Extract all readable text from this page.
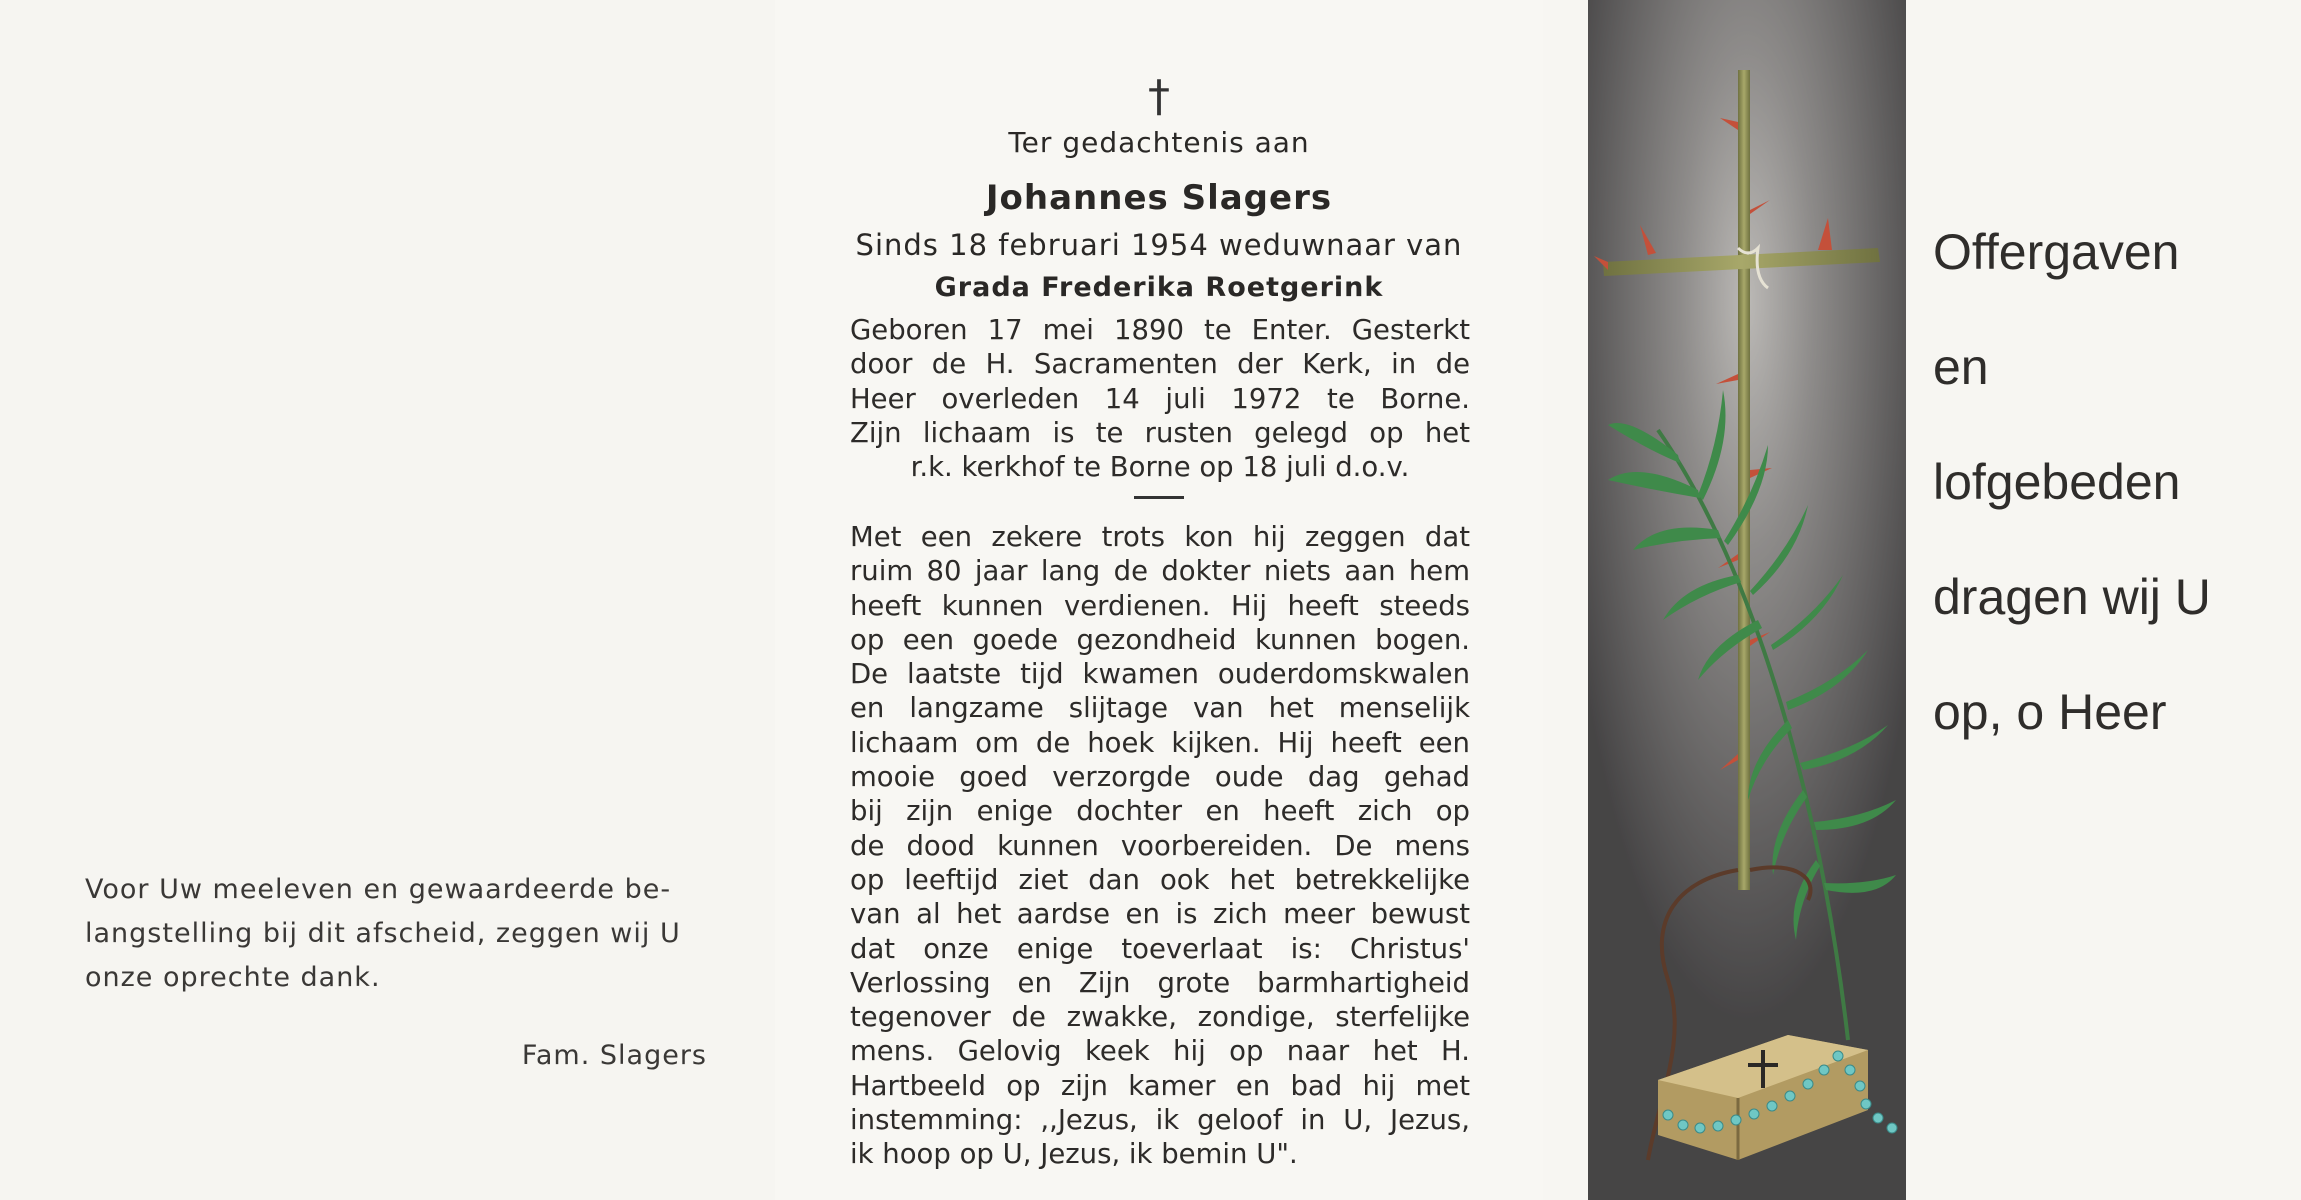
Voor Uw meeleven en gewaardeerde be-
langstelling bij dit afscheid, zeggen wij U
onze oprechte dank.
Fam. Slagers
†
Ter gedachtenis aan
Johannes Slagers
Sinds 18 februari 1954 weduwnaar van
Grada Frederika Roetgerink
Geboren 17 mei 1890 te Enter. Gesterkt
door de H. Sacramenten der Kerk, in de
Heer overleden 14 juli 1972 te Borne.
Zijn lichaam is te rusten gelegd op het
r.k. kerkhof te Borne op 18 juli d.o.v.
Met een zekere trots kon hij zeggen dat
ruim 80 jaar lang de dokter niets aan hem
heeft kunnen verdienen. Hij heeft steeds
op een goede gezondheid kunnen bogen.
De laatste tijd kwamen ouderdomskwalen
en langzame slijtage van het menselijk
lichaam om de hoek kijken. Hij heeft een
mooie goed verzorgde oude dag gehad
bij zijn enige dochter en heeft zich op
de dood kunnen voorbereiden. De mens
op leeftijd ziet dan ook het betrekkelijke
van al het aardse en is zich meer bewust
dat onze enige toeverlaat is: Christus'
Verlossing en Zijn grote barmhartigheid
tegenover de zwakke, zondige, sterfelijke
mens. Gelovig keek hij op naar het H.
Hartbeeld op zijn kamer en bad hij met
instemming: ,,Jezus, ik geloof in U, Jezus,
ik hoop op U, Jezus, ik bemin U".
Offergaven
en
lofgebeden
dragen wij U
op, o Heer
